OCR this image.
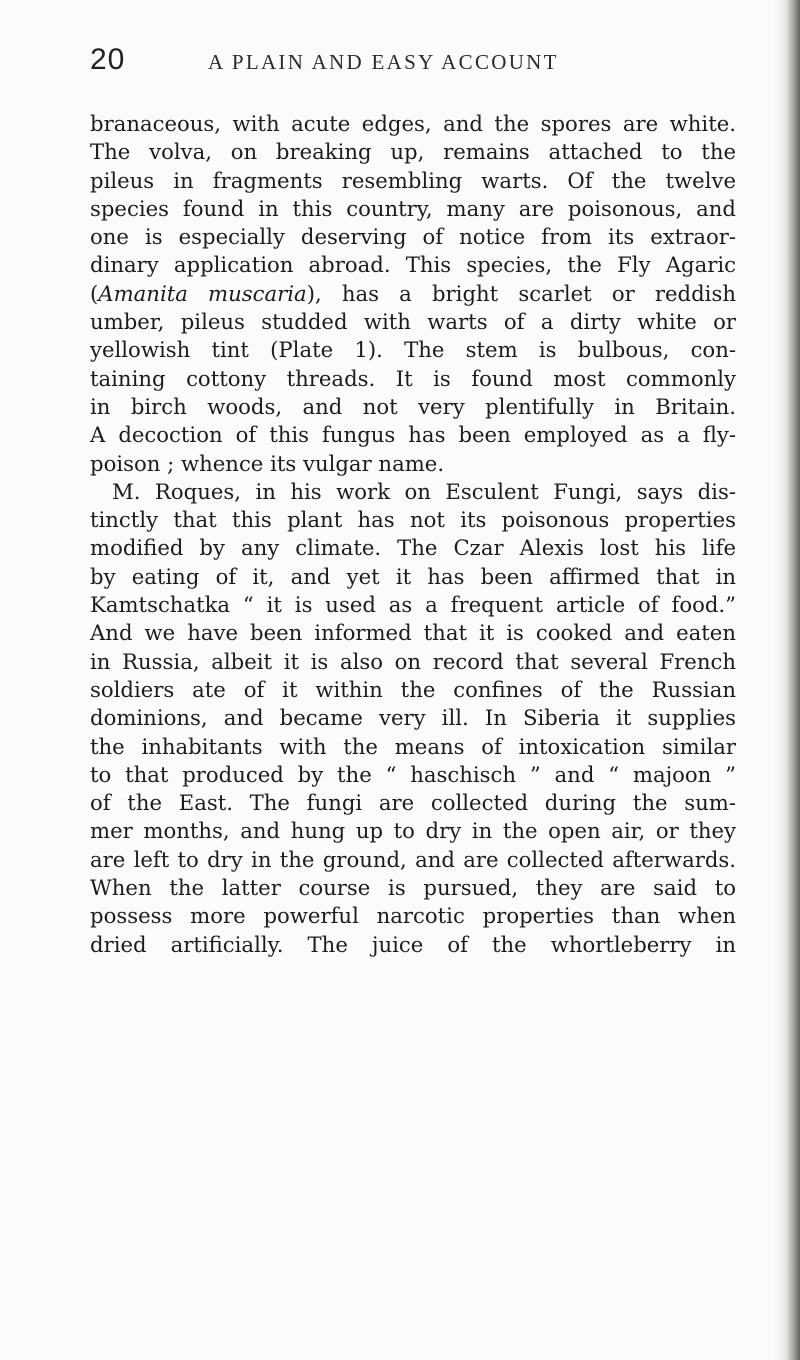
20	A PLAIN AND EASY ACCOUNT
branaceous, with acute edges, and the spores are white.
The volva, on breaking up, remains attached to the
pileus in fragments resembling warts. Of the twelve
species found in this country, many are poisonous, and
one is especially deserving of notice from its extraor-
dinary application abroad. This species, the Fly Agaric
(Amanita muscaria), has a bright scarlet or reddish
umber, pileus studded with warts of a dirty white or
yellowish tint (Plate 1). The stem is bulbous, con-
taining cottony threads. It is found most commonly
in birch woods, and not very plentifully in Britain.
A decoction of this fungus has been employed as a fly-
poison ; whence its vulgar name.
M. Roques, in his work on Esculent Fungi, says dis-
tinctly that this plant has not its poisonous properties
modified by any climate. The Czar Alexis lost his life
by eating of it, and yet it has been affirmed that in
Kamtschatka “ it is used as a frequent article of food.”
And we have been informed that it is cooked and eaten
in Russia, albeit it is also on record that several French
soldiers ate of it within the confines of the Russian
dominions, and became very ill. In Siberia it supplies
the inhabitants with the means of intoxication similar
to that produced by the “ haschisch ” and “ majoon ”
of the East. The fungi are collected during the sum-
mer months, and hung up to dry in the open air, or they
are left to dry in the ground, and are collected afterwards.
When the latter course is pursued, they are said to
possess more powerful narcotic properties than when
dried artificially. The juice of the whortleberry in
